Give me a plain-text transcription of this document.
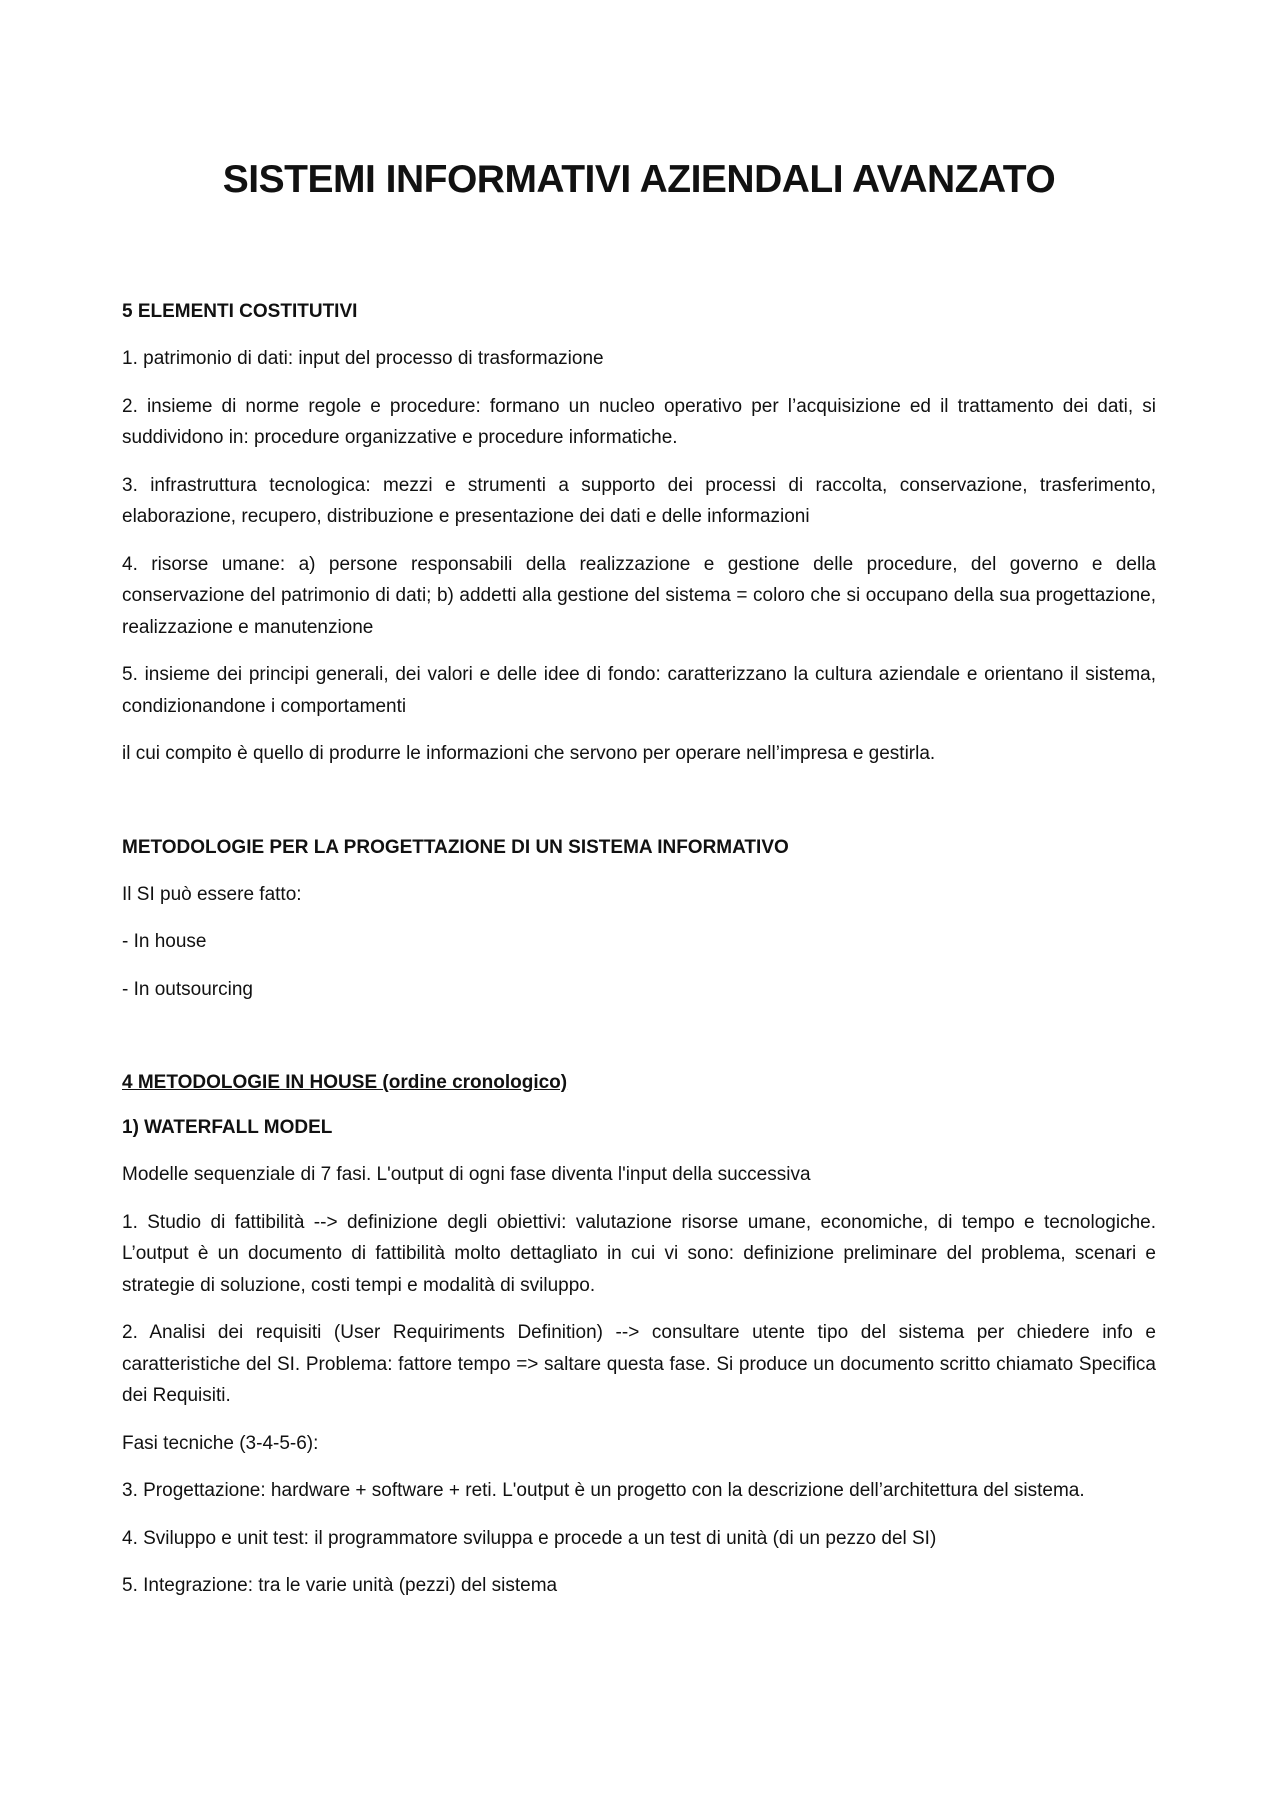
SISTEMI INFORMATIVI AZIENDALI AVANZATO
5 ELEMENTI COSTITUTIVI

1. patrimonio di dati: input del processo di trasformazione

2. insieme di norme regole e procedure: formano un nucleo operativo per l’acquisizione ed il trattamento dei dati, si suddividono in: procedure organizzative e procedure informatiche.

3. infrastruttura tecnologica: mezzi e strumenti a supporto dei processi di raccolta, conservazione, trasferimento, elaborazione, recupero, distribuzione e presentazione dei dati e delle informazioni

4. risorse umane: a) persone responsabili della realizzazione e gestione delle procedure, del governo e della conservazione del patrimonio di dati; b) addetti alla gestione del sistema = coloro che si occupano della sua progettazione, realizzazione e manutenzione

5. insieme dei principi generali, dei valori e delle idee di fondo: caratterizzano la cultura aziendale e orientano il sistema, condizionandone i comportamenti

il cui compito è quello di produrre le informazioni che servono per operare nell’impresa e gestirla.

METODOLOGIE PER LA PROGETTAZIONE DI UN SISTEMA INFORMATIVO

Il SI può essere fatto:

- In house

- In outsourcing

4 METODOLOGIE IN HOUSE (ordine cronologico)
1) WATERFALL MODEL

Modelle sequenziale di 7 fasi. L'output di ogni fase diventa l'input della successiva

1. Studio di fattibilità --> definizione degli obiettivi: valutazione risorse umane, economiche, di tempo e tecnologiche. L’output è un documento di fattibilità molto dettagliato in cui vi sono: definizione preliminare del problema, scenari e strategie di soluzione, costi tempi e modalità di sviluppo.

2. Analisi dei requisiti (User Requiriments Definition) --> consultare utente tipo del sistema per chiedere info e caratteristiche del SI. Problema: fattore tempo => saltare questa fase. Si produce un documento scritto chiamato Specifica dei Requisiti.

Fasi tecniche (3-4-5-6):

3. Progettazione: hardware + software + reti. L'output è un progetto con la descrizione dell’architettura del sistema.

4. Sviluppo e unit test: il programmatore sviluppa e procede a un test di unità (di un pezzo del SI)

5. Integrazione: tra le varie unità (pezzi) del sistema
